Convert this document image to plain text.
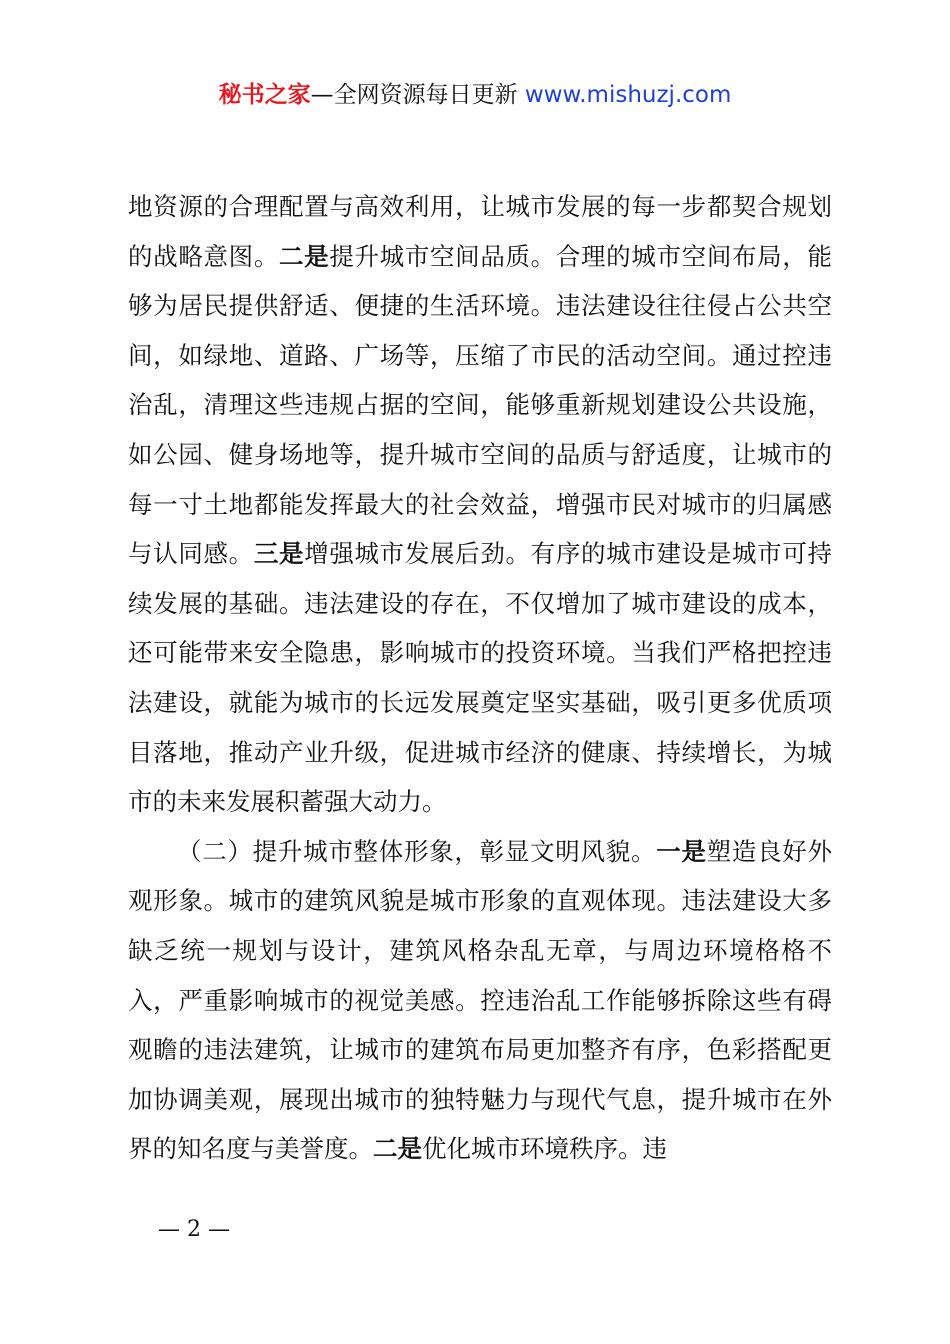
秘书之家—全网资源每日更新 www.mishuzj.com

地资源的合理配置与高效利用，让城市发展的每一步都契合规划的战略意图。二是提升城市空间品质。合理的城市空间布局，能够为居民提供舒适、便捷的生活环境。违法建设往往侵占公共空间，如绿地、道路、广场等，压缩了市民的活动空间。通过控违治乱，清理这些违规占据的空间，能够重新规划建设公共设施，如公园、健身场地等，提升城市空间的品质与舒适度，让城市的每一寸土地都能发挥最大的社会效益，增强市民对城市的归属感与认同感。三是增强城市发展后劲。有序的城市建设是城市可持续发展的基础。违法建设的存在，不仅增加了城市建设的成本，还可能带来安全隐患，影响城市的投资环境。当我们严格把控违法建设，就能为城市的长远发展奠定坚实基础，吸引更多优质项目落地，推动产业升级，促进城市经济的健康、持续增长，为城市的未来发展积蓄强大动力。

（二）提升城市整体形象，彰显文明风貌。一是塑造良好外观形象。城市的建筑风貌是城市形象的直观体现。违法建设大多缺乏统一规划与设计，建筑风格杂乱无章，与周边环境格格不入，严重影响城市的视觉美感。控违治乱工作能够拆除这些有碍观瞻的违法建筑，让城市的建筑布局更加整齐有序，色彩搭配更加协调美观，展现出城市的独特魅力与现代气息，提升城市在外界的知名度与美誉度。二是优化城市环境秩序。违

— 2 —
